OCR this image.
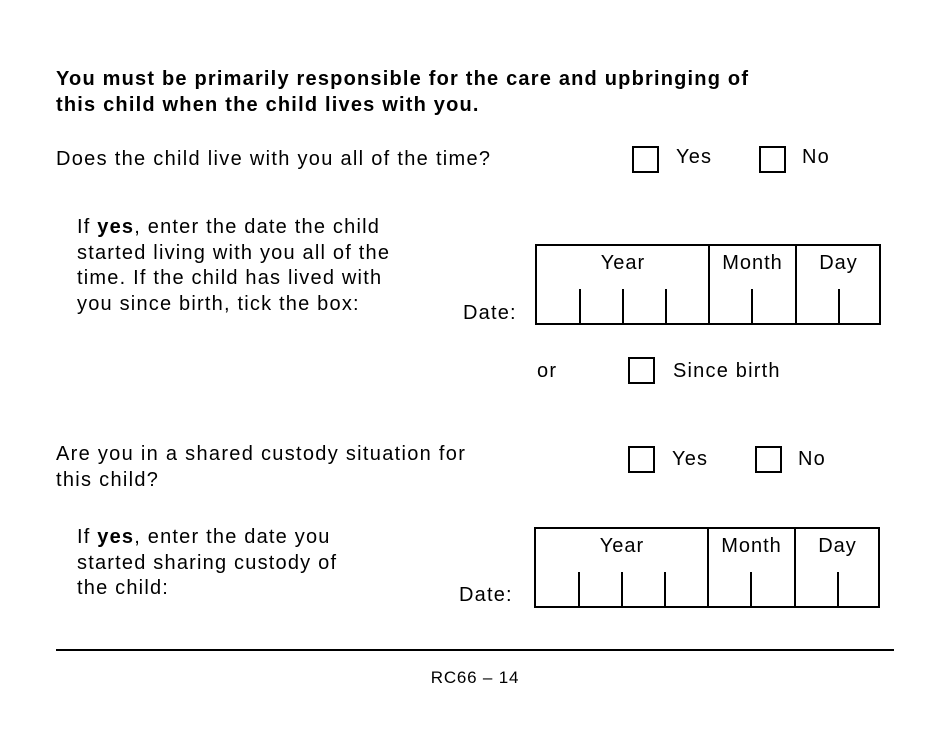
You must be primarily responsible for the care and upbringing of
this child when the child lives with you.
Does the child live with you all of the time?	Yes	No
If yes, enter the date the child
started living with you all of the
time. If the child has lived with
you since birth, tick the box:	Date:
Year	Month	Day
or	Since birth
Are you in a shared custody situation for
this child?
Yes	No
If yes, enter the date you
started sharing custody of
the child:	Date:
Year	Month	Day
RC66 – 14
